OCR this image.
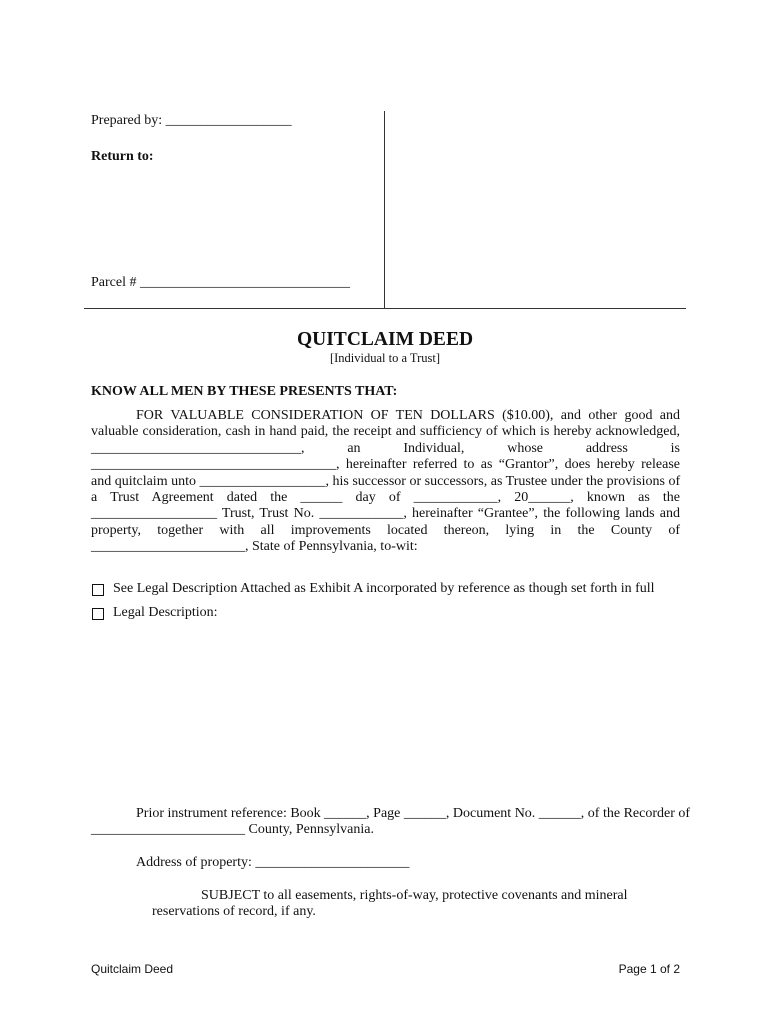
Prepared by: __________________
Return to:
Parcel # ______________________________
QUITCLAIM DEED
[Individual to a Trust]
KNOW ALL MEN BY THESE PRESENTS THAT:
FOR VALUABLE CONSIDERATION OF TEN DOLLARS ($10.00), and other good and
valuable consideration, cash in hand paid, the receipt and sufficiency of which is hereby acknowledged,
______________________________, an Individual, whose address is
___________________________________, hereinafter referred to as “Grantor”, does hereby release
and quitclaim unto __________________, his successor or successors, as Trustee under the provisions of
a Trust Agreement dated the ______ day of ____________, 20______, known as the
__________________ Trust, Trust No. ____________, hereinafter “Grantee”, the following lands and
property, together with all improvements located thereon, lying in the County of
______________________, State of Pennsylvania, to-wit:
See Legal Description Attached as Exhibit A incorporated by reference as though set forth in full
Legal Description:
Prior instrument reference: Book ______, Page ______, Document No. ______, of the Recorder of
______________________ County, Pennsylvania.
Address of property: ______________________
SUBJECT to all easements, rights-of-way, protective covenants and mineral
reservations of record, if any.
Quitclaim Deed	Page 1 of 2
